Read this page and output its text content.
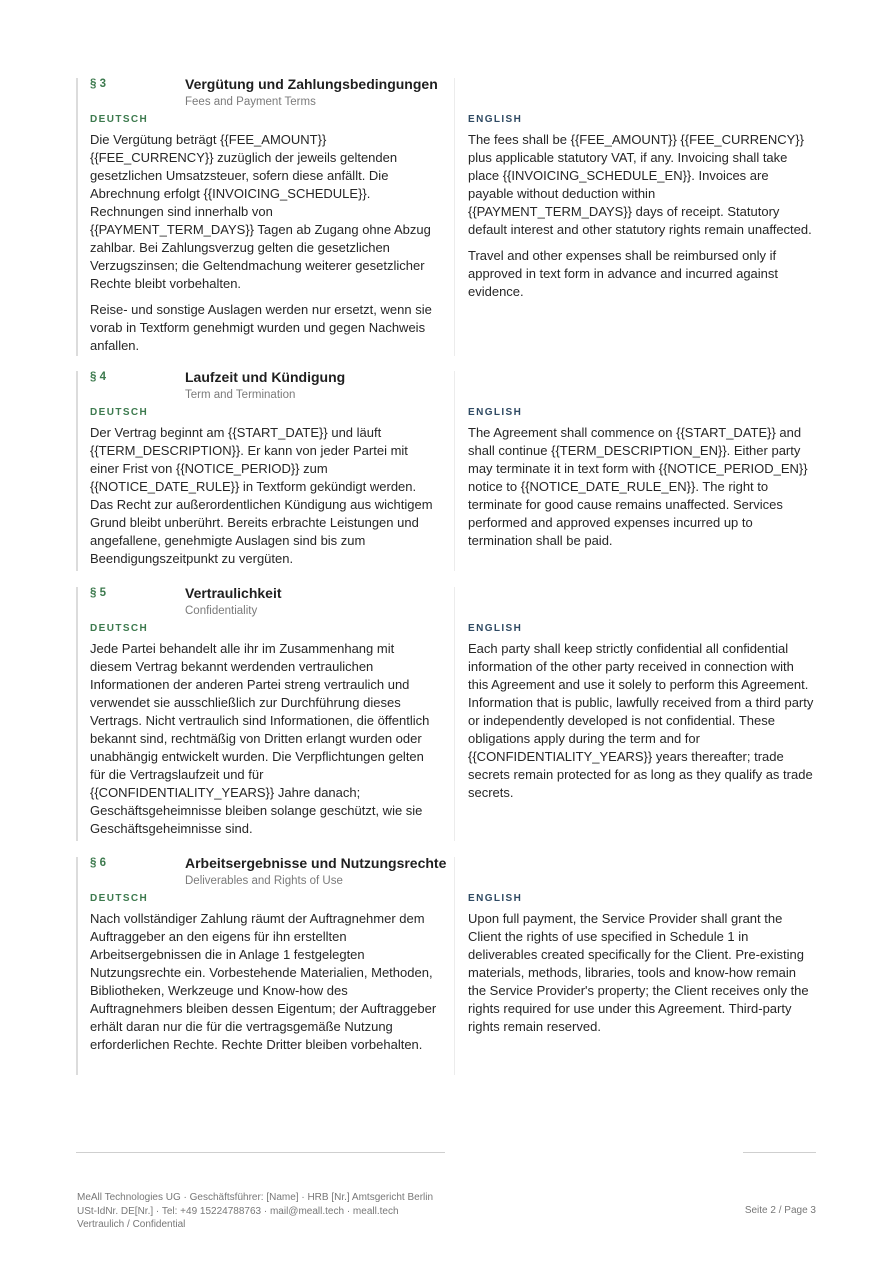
§ 3	Vergütung und Zahlungsbedingungen
Fees and Payment Terms
DEUTSCH	ENGLISH

Die Vergütung beträgt {{FEE_AMOUNT}} {{FEE_CURRENCY}} zuzüglich der jeweils geltenden gesetzlichen Umsatzsteuer, sofern diese anfällt. Die Abrechnung erfolgt {{INVOICING_SCHEDULE}}. Rechnungen sind innerhalb von {{PAYMENT_TERM_DAYS}} Tagen ab Zugang ohne Abzug zahlbar. Bei Zahlungsverzug gelten die gesetzlichen Verzugszinsen; die Geltendmachung weiterer gesetzlicher Rechte bleibt vorbehalten.

Reise- und sonstige Auslagen werden nur ersetzt, wenn sie vorab in Textform genehmigt wurden und gegen Nachweis anfallen.

The fees shall be {{FEE_AMOUNT}} {{FEE_CURRENCY}} plus applicable statutory VAT, if any. Invoicing shall take place {{INVOICING_SCHEDULE_EN}}. Invoices are payable without deduction within {{PAYMENT_TERM_DAYS}} days of receipt. Statutory default interest and other statutory rights remain unaffected.

Travel and other expenses shall be reimbursed only if approved in text form in advance and incurred against evidence.

§ 4	Laufzeit und Kündigung
Term and Termination
DEUTSCH	ENGLISH

Der Vertrag beginnt am {{START_DATE}} und läuft {{TERM_DESCRIPTION}}. Er kann von jeder Partei mit einer Frist von {{NOTICE_PERIOD}} zum {{NOTICE_DATE_RULE}} in Textform gekündigt werden. Das Recht zur außerordentlichen Kündigung aus wichtigem Grund bleibt unberührt. Bereits erbrachte Leistungen und angefallene, genehmigte Auslagen sind bis zum Beendigungszeitpunkt zu vergüten.

The Agreement shall commence on {{START_DATE}} and shall continue {{TERM_DESCRIPTION_EN}}. Either party may terminate it in text form with {{NOTICE_PERIOD_EN}} notice to {{NOTICE_DATE_RULE_EN}}. The right to terminate for good cause remains unaffected. Services performed and approved expenses incurred up to termination shall be paid.

§ 5	Vertraulichkeit
Confidentiality
DEUTSCH	ENGLISH

Jede Partei behandelt alle ihr im Zusammenhang mit diesem Vertrag bekannt werdenden vertraulichen Informationen der anderen Partei streng vertraulich und verwendet sie ausschließlich zur Durchführung dieses Vertrags. Nicht vertraulich sind Informationen, die öffentlich bekannt sind, rechtmäßig von Dritten erlangt wurden oder unabhängig entwickelt wurden. Die Verpflichtungen gelten für die Vertragslaufzeit und für {{CONFIDENTIALITY_YEARS}} Jahre danach; Geschäftsgeheimnisse bleiben solange geschützt, wie sie Geschäftsgeheimnisse sind.

Each party shall keep strictly confidential all confidential information of the other party received in connection with this Agreement and use it solely to perform this Agreement. Information that is public, lawfully received from a third party or independently developed is not confidential. These obligations apply during the term and for {{CONFIDENTIALITY_YEARS}} years thereafter; trade secrets remain protected for as long as they qualify as trade secrets.

§ 6	Arbeitsergebnisse und Nutzungsrechte
Deliverables and Rights of Use
DEUTSCH	ENGLISH

Nach vollständiger Zahlung räumt der Auftragnehmer dem Auftraggeber an den eigens für ihn erstellten Arbeitsergebnissen die in Anlage 1 festgelegten Nutzungsrechte ein. Vorbestehende Materialien, Methoden, Bibliotheken, Werkzeuge und Know-how des Auftragnehmers bleiben dessen Eigentum; der Auftraggeber erhält daran nur die für die vertragsgemäße Nutzung erforderlichen Rechte. Rechte Dritter bleiben vorbehalten.

Upon full payment, the Service Provider shall grant the Client the rights of use specified in Schedule 1 in deliverables created specifically for the Client. Pre-existing materials, methods, libraries, tools and know-how remain the Service Provider's property; the Client receives only the rights required for use under this Agreement. Third-party rights remain reserved.

MeAll Technologies UG · Geschäftsführer: [Name] · HRB [Nr.] Amtsgericht Berlin
USt-IdNr. DE[Nr.] · Tel: +49 15224788763 · mail@meall.tech · meall.tech
Vertraulich / Confidential
Seite 2 / Page 3
